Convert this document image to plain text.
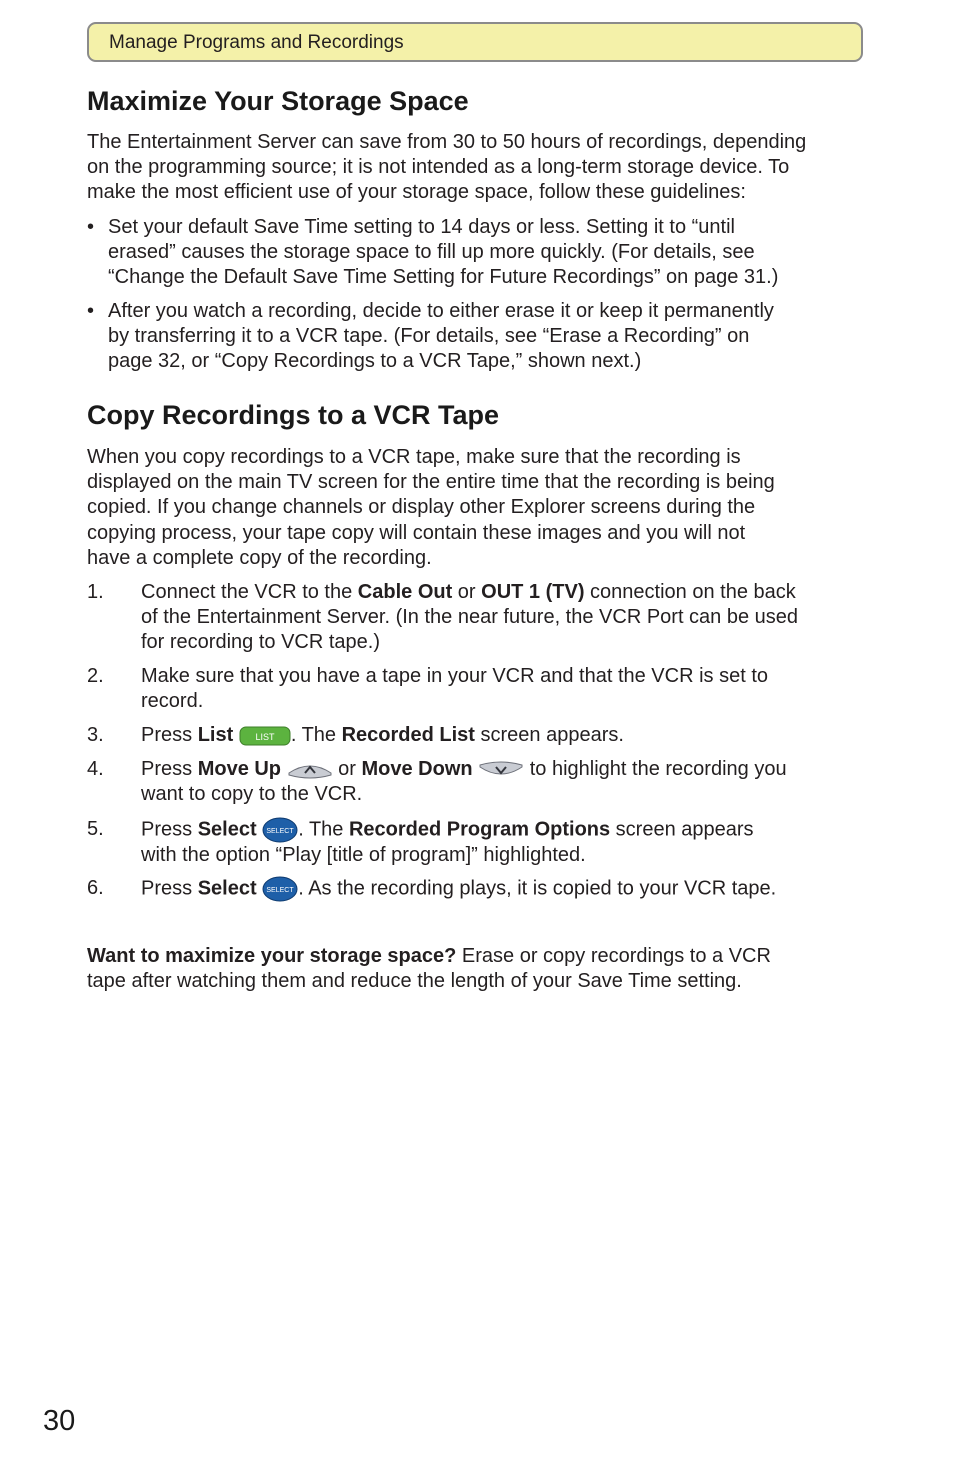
Manage Programs and Recordings
Maximize Your Storage Space
The Entertainment Server can save from 30 to 50 hours of recordings, depending
on the programming source; it is not intended as a long-term storage device. To
make the most efficient use of your storage space, follow these guidelines:
• Set your default Save Time setting to 14 days or less. Setting it to “until
erased” causes the storage space to fill up more quickly. (For details, see
“Change the Default Save Time Setting for Future Recordings” on page 31.)
• After you watch a recording, decide to either erase it or keep it permanently
by transferring it to a VCR tape. (For details, see “Erase a Recording” on
page 32, or “Copy Recordings to a VCR Tape,” shown next.)
Copy Recordings to a VCR Tape
When you copy recordings to a VCR tape, make sure that the recording is
displayed on the main TV screen for the entire time that the recording is being
copied. If you change channels or display other Explorer screens during the
copying process, your tape copy will contain these images and you will not
have a complete copy of the recording.
1. Connect the VCR to the Cable Out or OUT 1 (TV) connection on the back
of the Entertainment Server. (In the near future, the VCR Port can be used
for recording to VCR tape.)
2. Make sure that you have a tape in your VCR and that the VCR is set to
record.
3. Press List LIST . The Recorded List screen appears.
4. Press Move Up	or Move Down	to highlight the recording you
want to copy to the VCR.
5. Press Select SELECT . The Recorded Program Options screen appears
with the option “Play [title of program]” highlighted.
6. Press Select SELECT . As the recording plays, it is copied to your VCR tape.
Want to maximize your storage space? Erase or copy recordings to a VCR
tape after watching them and reduce the length of your Save Time setting.
30
